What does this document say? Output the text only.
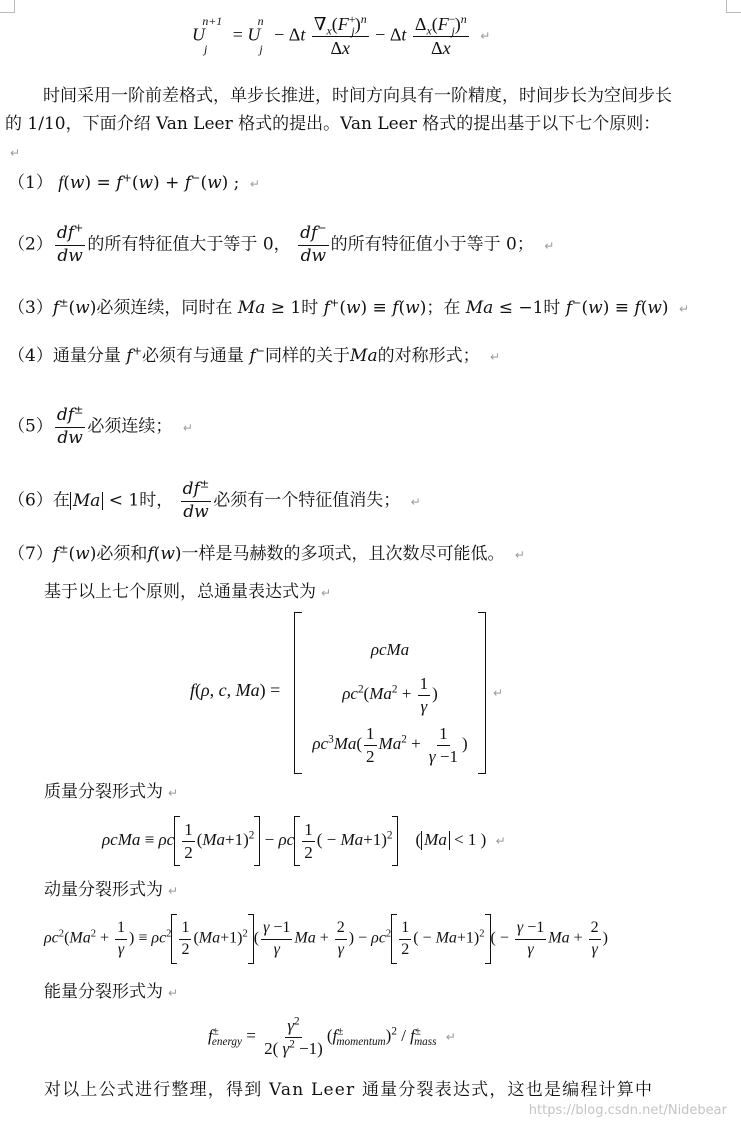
$U_j^{n+1} = U_j^n - \Delta t \frac{\nabla_x(F^+_j)^n}{\Delta x} - \Delta t \frac{\Delta_x(F^-_j)^n}{\Delta x}$ ↵
时间采用一阶前差格式，单步长推进，时间方向具有一阶精度，时间步长为空间步长的 1/10，下面介绍 Van Leer 格式的提出。Van Leer 格式的提出基于以下七个原则：↵
（1） f(w) = f+(w) + f−(w) ; ↵
$(2) \frac{df^+}{dw}$ 的所有特征值大于等于 0， $\frac{df^-}{dw}$ 的所有特征值小于等于 0； ↵
（3）f±(w)必须连续，同时在 Ma ≥ 1时 f+(w) ≡ f(w)；在 Ma ≤ −1时 f−(w) ≡ f(w) ↵
（4）通量分量 f+必须有与通量 f−同样的关于Ma的对称形式； ↵
$(5) \frac{df^\pm}{dw}$ 必须连续； ↵
（6）在 Ma < 1时， $\frac{df^\pm}{dw}$ 必须有一个特征值消失； ↵
（7）f±(w)必须和f(w)一样是马赫数的多项式，且次数尽可能低。 ↵
基于以上七个原则，总通量表达式为 ↵
f(ρ, c, Ma) =
ρcMa
$\rho c^2(Ma^2 + \frac{1}{\gamma}$ )
$\rho c^3Ma( \frac{1}{2} Ma^2 + \frac{1}{\gamma -1}$ )
↵
质量分裂形式为 ↵
ρcMa ≡ ρc $\frac{1}{2} (Ma+1)^2 - \rho c \frac{1}{2}$ ( − Ma+1)$^2$    ( Ma < 1 ) ↵
动量分裂形式为 ↵
$\rho c^2(Ma^2 + \frac{1}{\gamma}$ ) ≡ $\rho c^2 \frac{1}{2} (Ma+1)^2$ ( $\frac{\gamma -1}{\gamma}$ $Ma + \frac{2}{\gamma}$ ) − $\rho c^2 \frac{1}{2}$ ( − Ma+1)$^2$ ( − $\frac{\gamma -1}{\gamma}$ $Ma + \frac{2}{\gamma}$ )
能量分裂形式为 ↵
$f^\pm_{energy} = \frac{\gamma^2}{2( \gamma^2 -1)} (f^\pm_{momentum})^2 / f^\pm_{mass}$ ↵
对以上公式进行整理，得到 Van Leer 通量分裂表达式，这也是编程计算中
https://blog.csdn.net/Nidebear
